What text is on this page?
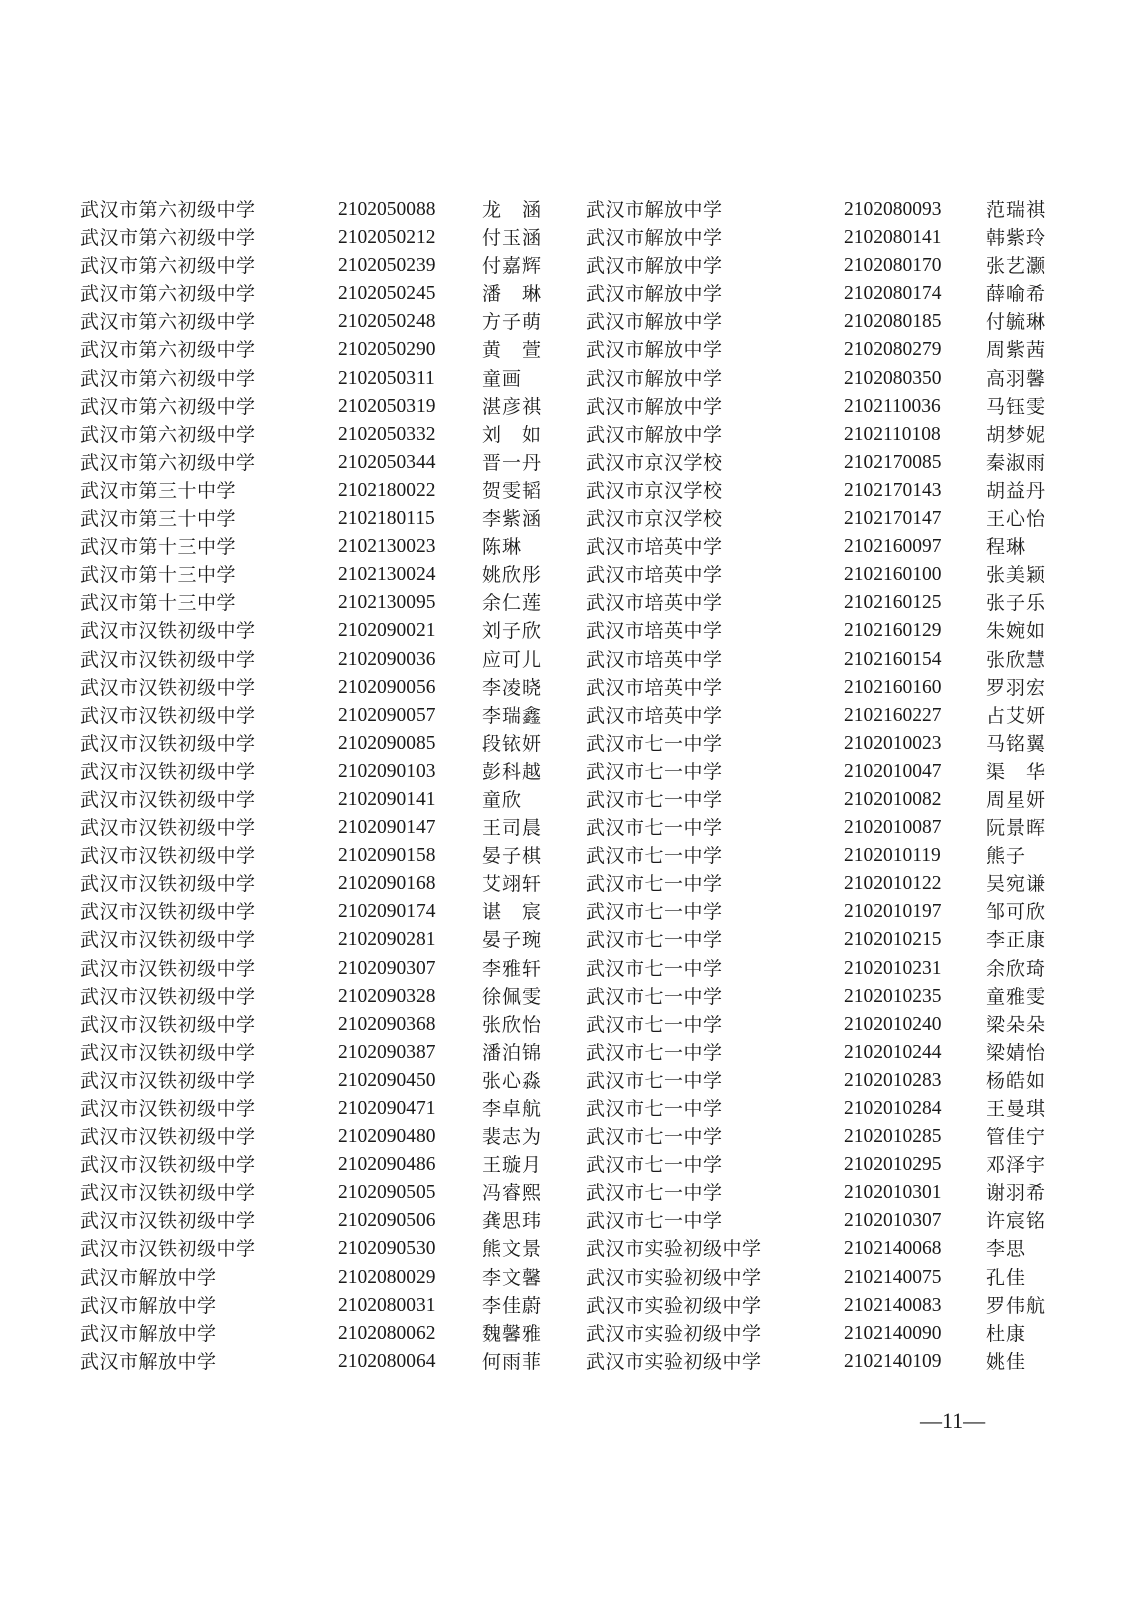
武汉市第六初级中学	2102050088 龙　涵 武汉市解放中学	2102080093 范瑞祺
武汉市第六初级中学	2102050212 付玉涵 武汉市解放中学	2102080141 韩紫玲
武汉市第六初级中学	2102050239 付嘉辉 武汉市解放中学	2102080170 张艺灏
武汉市第六初级中学	2102050245 潘　琳 武汉市解放中学	2102080174 薛喻希
武汉市第六初级中学	2102050248 方子萌 武汉市解放中学	2102080185 付毓琳
武汉市第六初级中学	2102050290 黄　萱 武汉市解放中学	2102080279 周紫茜
武汉市第六初级中学	2102050311 童画	武汉市解放中学	2102080350 高羽馨
武汉市第六初级中学	2102050319 湛彦祺 武汉市解放中学	2102110036 马钰雯
武汉市第六初级中学	2102050332 刘　如 武汉市解放中学	2102110108 胡梦妮
武汉市第六初级中学	2102050344 晋一丹 武汉市京汉学校	2102170085 秦淑雨
武汉市第三十中学	2102180022 贺雯韬 武汉市京汉学校	2102170143 胡益丹
武汉市第三十中学	2102180115 李紫涵 武汉市京汉学校	2102170147 王心怡
武汉市第十三中学	2102130023 陈琳	武汉市培英中学	2102160097 程琳
武汉市第十三中学	2102130024 姚欣彤 武汉市培英中学	2102160100 张美颖
武汉市第十三中学	2102130095 余仁莲 武汉市培英中学	2102160125 张子乐
武汉市汉铁初级中学	2102090021 刘子欣 武汉市培英中学	2102160129 朱婉如
武汉市汉铁初级中学	2102090036 应可儿 武汉市培英中学	2102160154 张欣慧
武汉市汉铁初级中学	2102090056 李凌晓 武汉市培英中学	2102160160 罗羽宏
武汉市汉铁初级中学	2102090057 李瑞鑫 武汉市培英中学	2102160227 占艾妍
武汉市汉铁初级中学	2102090085 段铱妍 武汉市七一中学	2102010023 马铭翼
武汉市汉铁初级中学	2102090103 彭科越 武汉市七一中学	2102010047 渠　华
武汉市汉铁初级中学	2102090141 童欣	武汉市七一中学	2102010082 周星妍
武汉市汉铁初级中学	2102090147 王司晨 武汉市七一中学	2102010087 阮景晖
武汉市汉铁初级中学	2102090158 晏子棋 武汉市七一中学	2102010119 熊子
武汉市汉铁初级中学	2102090168 艾翊轩 武汉市七一中学	2102010122 吴宛谦
武汉市汉铁初级中学	2102090174 谌　宸 武汉市七一中学	2102010197 邹可欣
武汉市汉铁初级中学	2102090281 晏子琬 武汉市七一中学	2102010215 李正康
武汉市汉铁初级中学	2102090307 李雅轩 武汉市七一中学	2102010231 余欣琦
武汉市汉铁初级中学	2102090328 徐佩雯 武汉市七一中学	2102010235 童雅雯
武汉市汉铁初级中学	2102090368 张欣怡 武汉市七一中学	2102010240 梁朵朵
武汉市汉铁初级中学	2102090387 潘泊锦 武汉市七一中学	2102010244 梁婧怡
武汉市汉铁初级中学	2102090450 张心淼 武汉市七一中学	2102010283 杨皓如
武汉市汉铁初级中学	2102090471 李卓航 武汉市七一中学	2102010284 王曼琪
武汉市汉铁初级中学	2102090480 裴志为 武汉市七一中学	2102010285 管佳宁
武汉市汉铁初级中学	2102090486 王璇月 武汉市七一中学	2102010295 邓泽宇
武汉市汉铁初级中学	2102090505 冯睿熙 武汉市七一中学	2102010301 谢羽希
武汉市汉铁初级中学	2102090506 龚思玮 武汉市七一中学	2102010307 许宸铭
武汉市汉铁初级中学	2102090530 熊文景 武汉市实验初级中学	2102140068 李思
武汉市解放中学	2102080029 李文馨 武汉市实验初级中学	2102140075 孔佳
武汉市解放中学	2102080031 李佳蔚 武汉市实验初级中学	2102140083 罗伟航
武汉市解放中学	2102080062 魏馨雅 武汉市实验初级中学	2102140090 杜康
武汉市解放中学	2102080064 何雨菲 武汉市实验初级中学	2102140109 姚佳
—11—
